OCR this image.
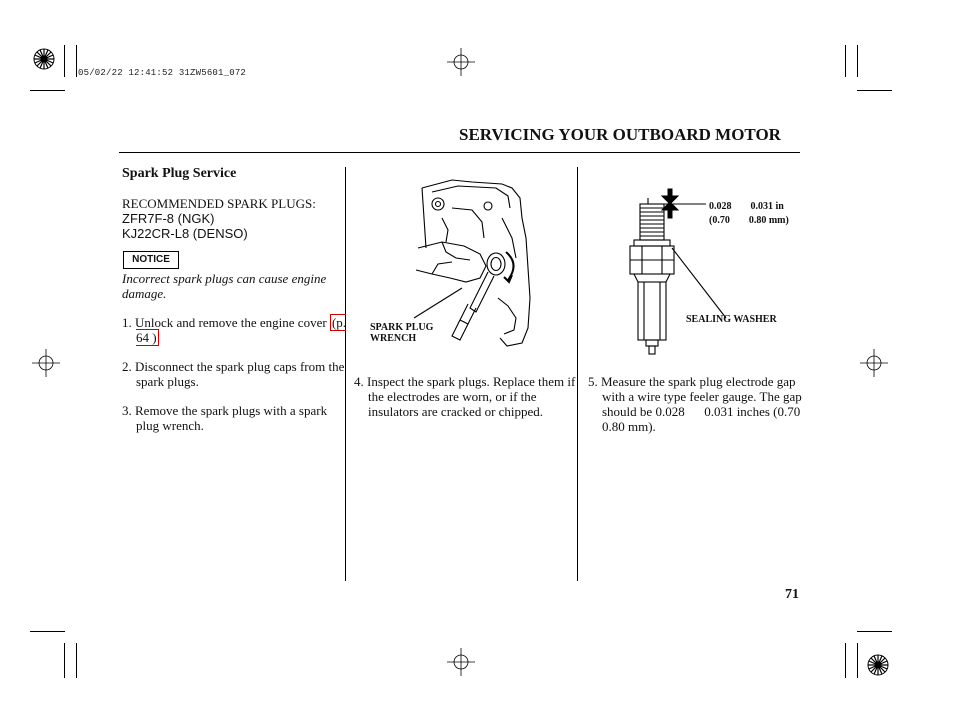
05/02/22 12:41:52 31ZW5601_072
SERVICING YOUR OUTBOARD MOTOR
Spark Plug Service
RECOMMENDED SPARK PLUGS:
ZFR7F-8 (NGK)
KJ22CR-L8 (DENSO)
NOTICE
Incorrect spark plugs can cause engine damage.
1. Unlock and remove the engine cover (p. 64 )
2. Disconnect the spark plug caps from the spark plugs.
3. Remove the spark plugs with a spark plug wrench.
SPARK PLUG
WRENCH
4. Inspect the spark plugs. Replace them if the electrodes are worn, or if the insulators are cracked or chipped.
0.028 0.031 in
(0.70 0.80 mm)
SEALING WASHER
5. Measure the spark plug electrode gap with a wire type feeler gauge. The gap should be 0.028      0.031 inches (0.70      0.80 mm).
71
